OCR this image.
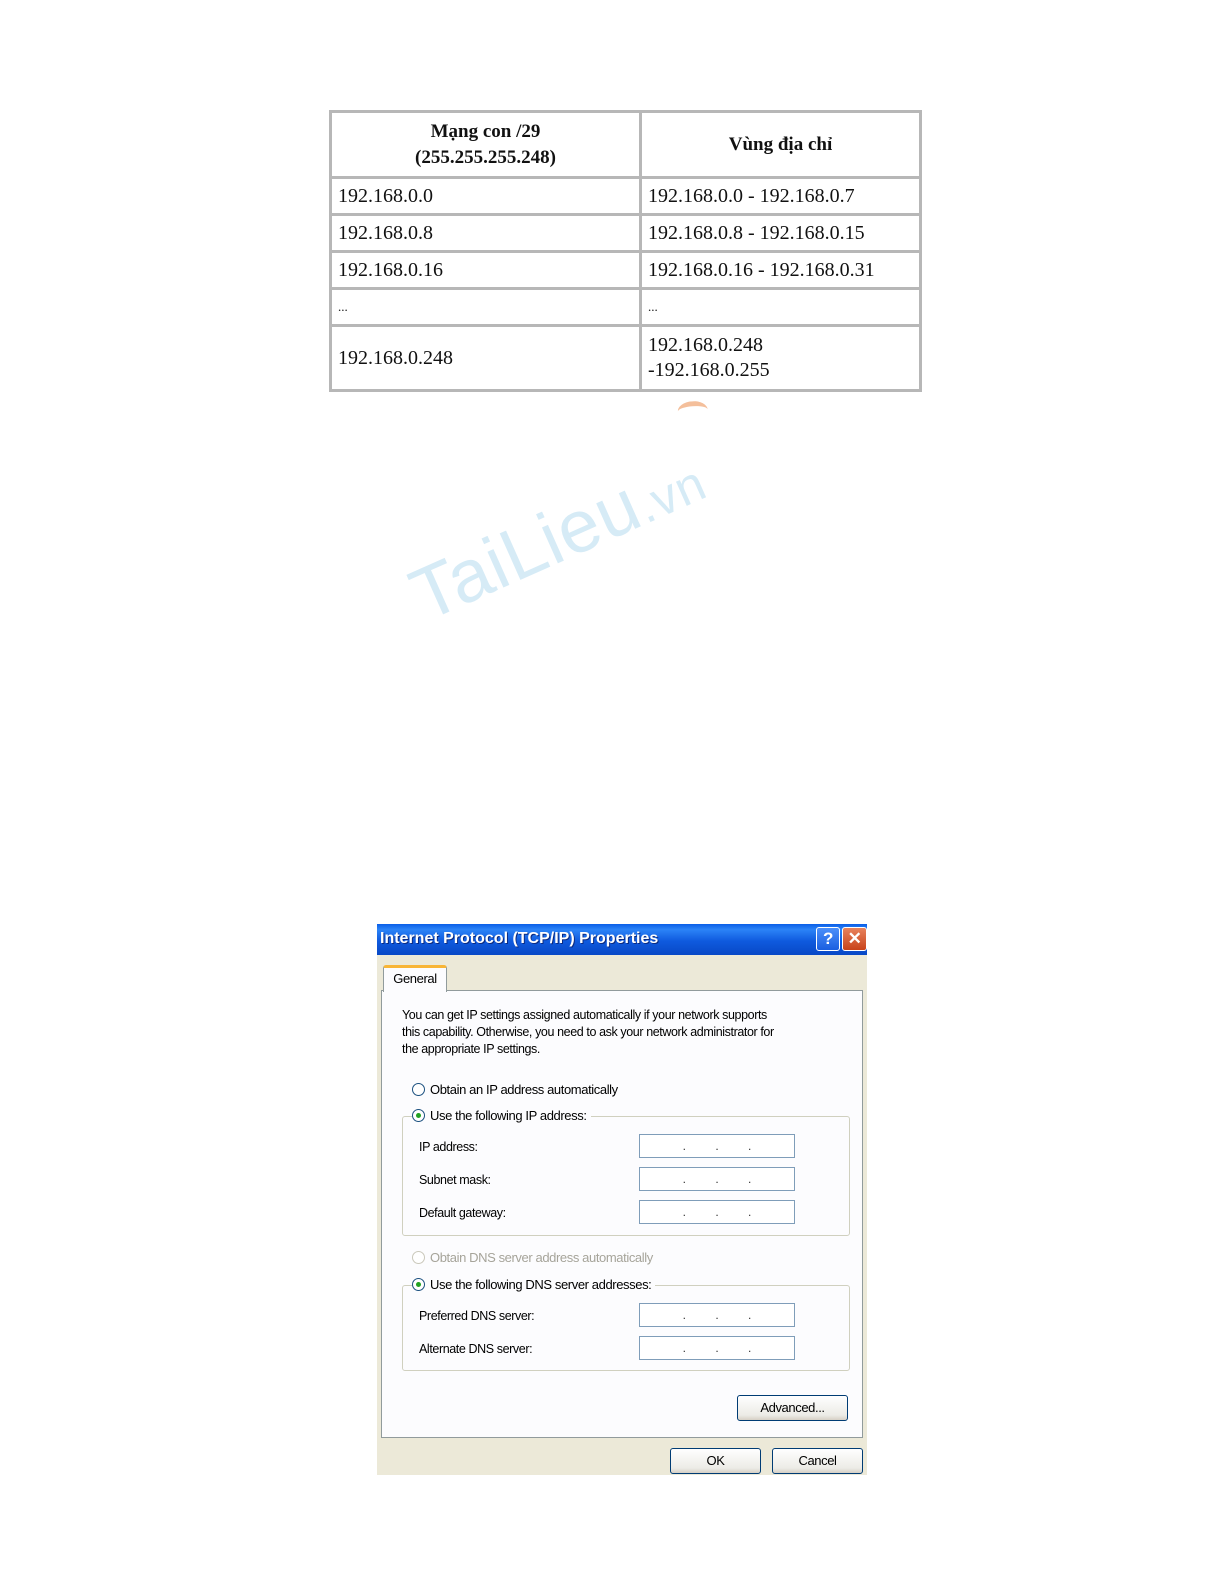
Mạng con /29
(255.255.255.248)	Vùng địa chỉ
192.168.0.0	192.168.0.0 - 192.168.0.7
192.168.0.8	192.168.0.8 - 192.168.0.15
192.168.0.16	192.168.0.16 - 192.168.0.31
...	...
192.168.0.248	192.168.0.248
-192.168.0.255
TaiLieu.vn
Internet Protocol (TCP/IP) Properties	? ✕
General
You can get IP settings assigned automatically if your network supports
this capability. Otherwise, you need to ask your network administrator for
the appropriate IP settings.
Obtain an IP address automatically
IP address:	. . .
Subnet mask:	. . .
Default gateway:	. . .
Use the following IP address:
Obtain DNS server address automatically
Preferred DNS server:	. . .
Alternate DNS server:	. . .
Use the following DNS server addresses:
Advanced...
OK	Cancel
